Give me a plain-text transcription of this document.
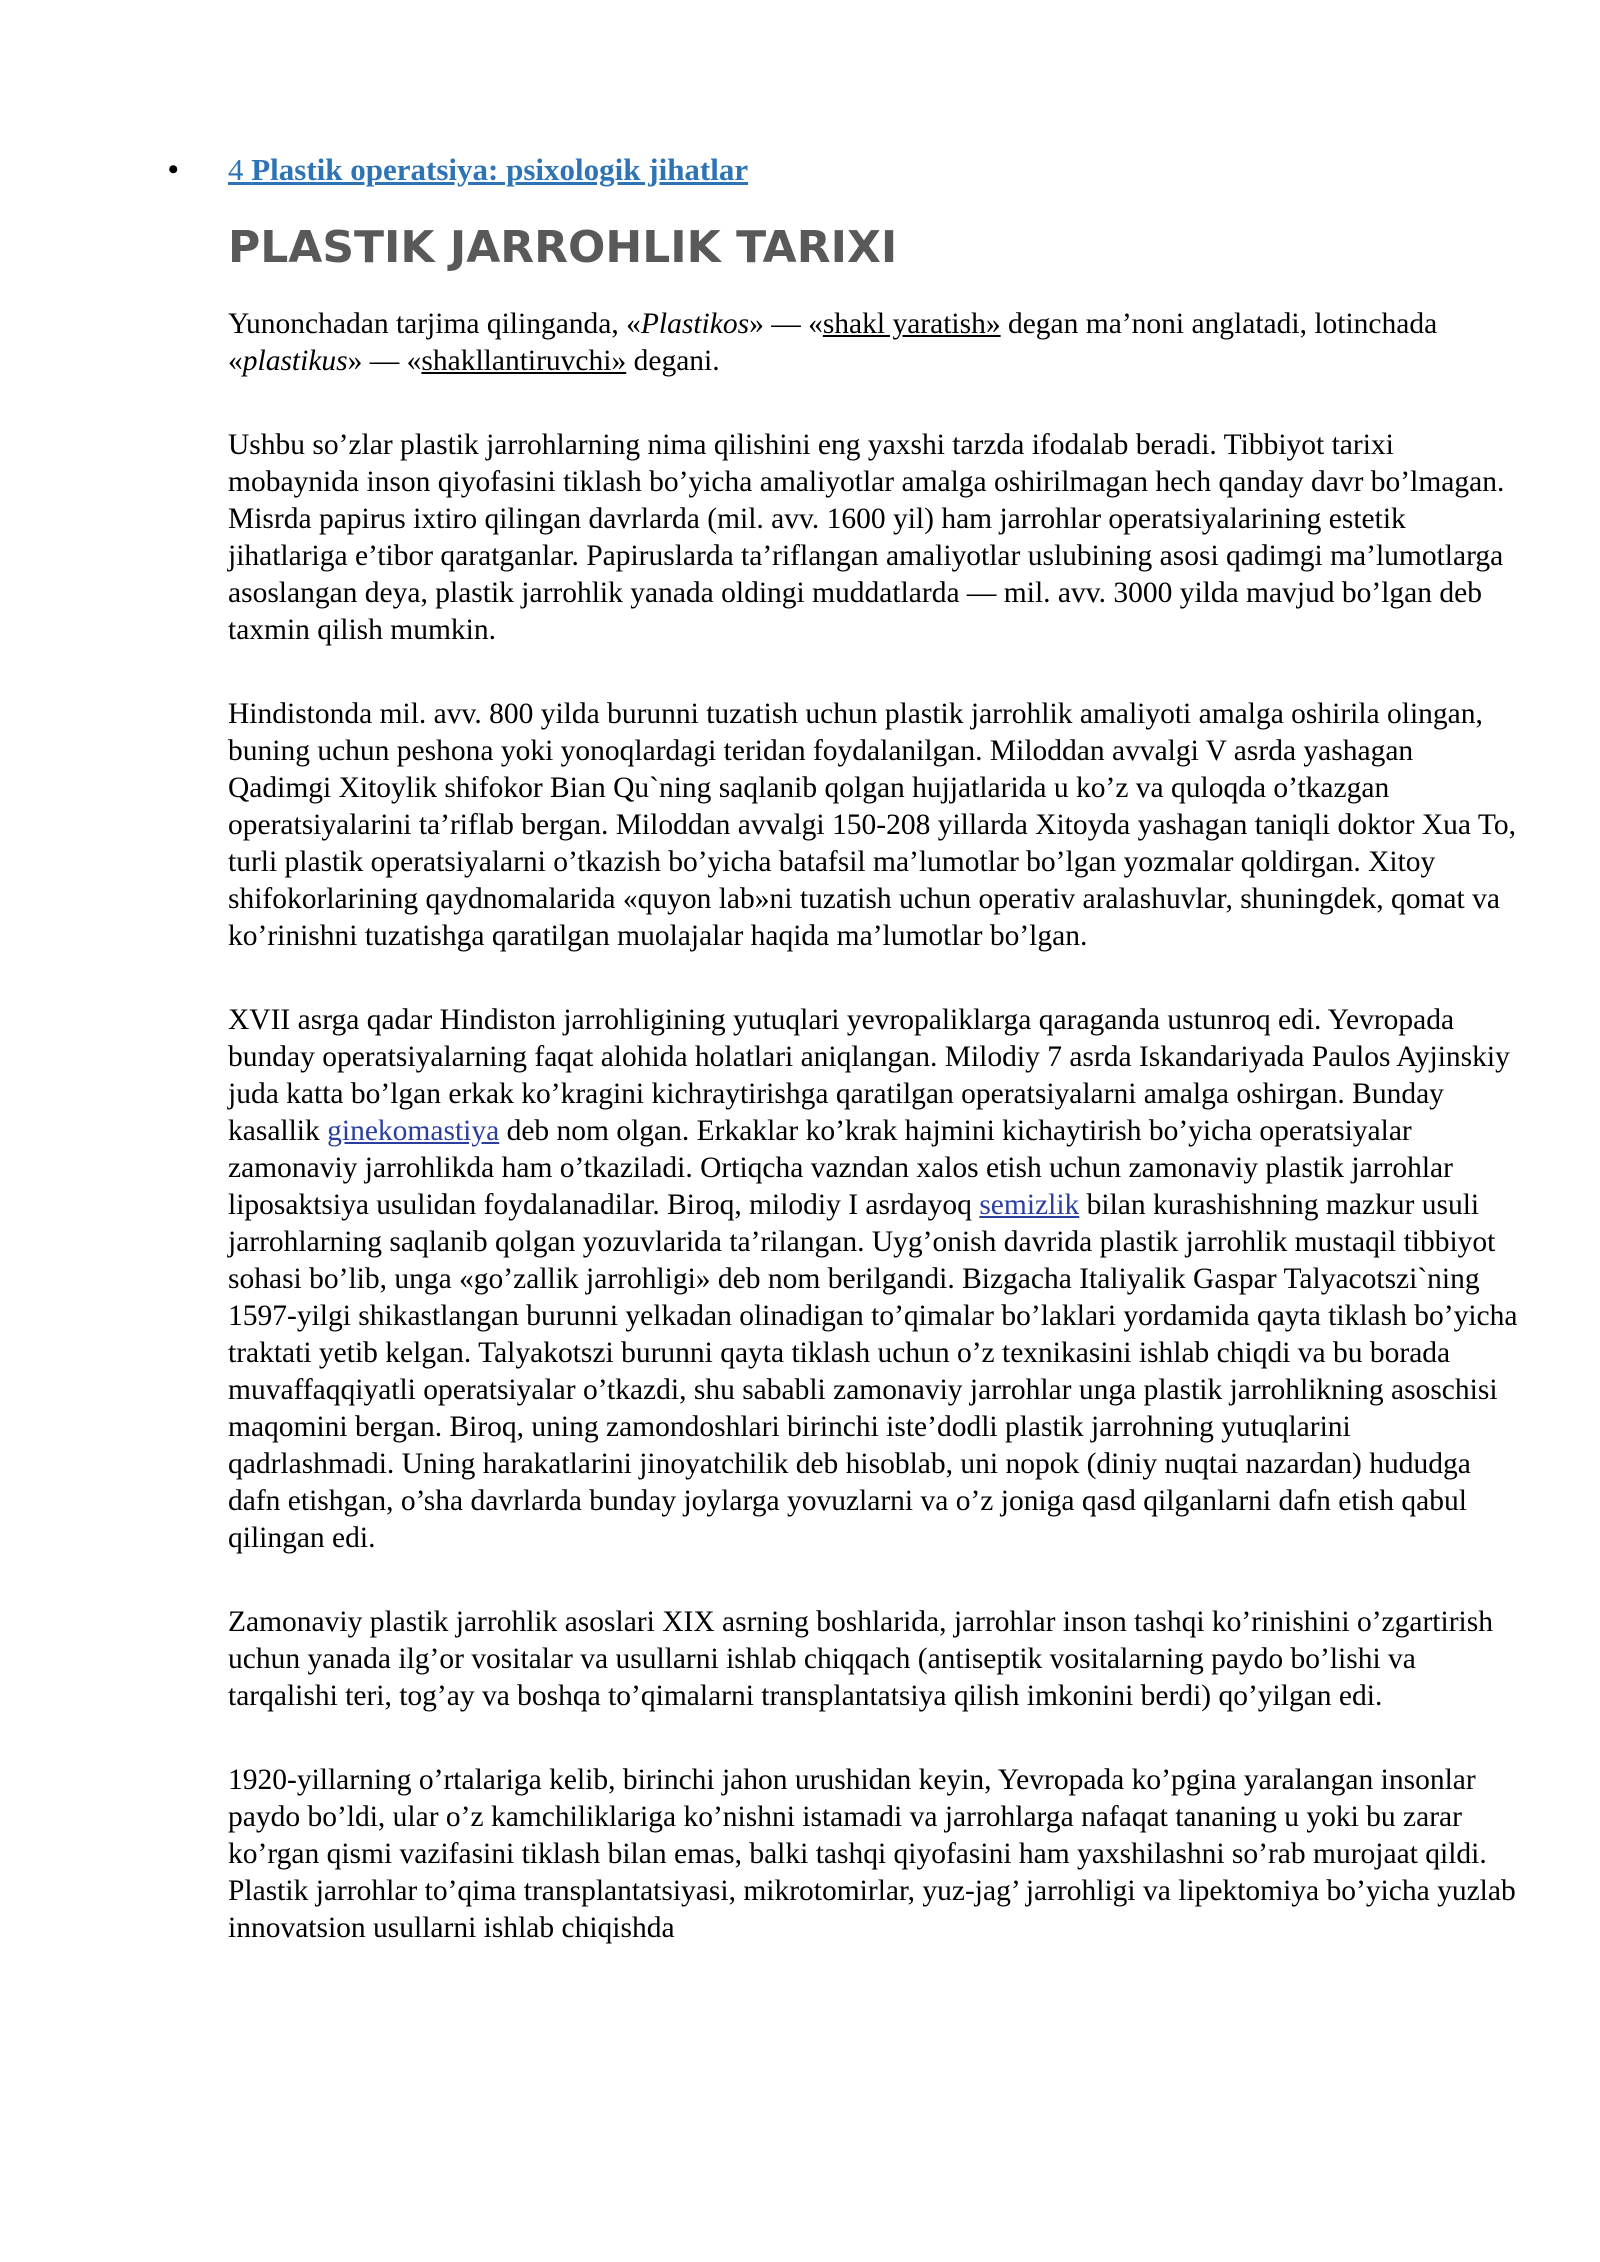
•	4 Plastik operatsiya: psixologik jihatlar
PLASTIK JARROHLIK TARIXI

Yunonchadan tarjima qilinganda, «Plastikos» — «shakl yaratish» degan ma’noni anglatadi, lotinchada «plastikus» — «shakllantiruvchi» degani.

Ushbu so’zlar plastik jarrohlarning nima qilishini eng yaxshi tarzda ifodalab beradi. Tibbiyot tarixi mobaynida inson qiyofasini tiklash bo’yicha amaliyotlar amalga oshirilmagan hech qanday davr bo’lmagan. Misrda papirus ixtiro qilingan davrlarda (mil. avv. 1600 yil) ham jarrohlar operatsiyalarining estetik jihatlariga e’tibor qaratganlar. Papiruslarda ta’riflangan amaliyotlar uslubining asosi qadimgi ma’lumotlarga asoslangan deya, plastik jarrohlik yanada oldingi muddatlarda — mil. avv. 3000 yilda mavjud bo’lgan deb taxmin qilish mumkin.

Hindistonda mil. avv. 800 yilda burunni tuzatish uchun plastik jarrohlik amaliyoti amalga oshirila olingan, buning uchun peshona yoki yonoqlardagi teridan foydalanilgan. Miloddan avvalgi V asrda yashagan Qadimgi Xitoylik shifokor Bian Qu`ning saqlanib qolgan hujjatlarida u ko’z va quloqda o’tkazgan operatsiyalarini ta’riflab bergan. Miloddan avvalgi 150-208 yillarda Xitoyda yashagan taniqli doktor Xua To, turli plastik operatsiyalarni o’tkazish bo’yicha batafsil ma’lumotlar bo’lgan yozmalar qoldirgan. Xitoy shifokorlarining qaydnomalarida «quyon lab»ni tuzatish uchun operativ aralashuvlar, shuningdek, qomat va ko’rinishni tuzatishga qaratilgan muolajalar haqida ma’lumotlar bo’lgan.

XVII asrga qadar Hindiston jarrohligining yutuqlari yevropaliklarga qaraganda ustunroq edi. Yevropada bunday operatsiyalarning faqat alohida holatlari aniqlangan. Milodiy 7 asrda Iskandariyada Paulos Ayjinskiy juda katta bo’lgan erkak ko’kragini kichraytirishga qaratilgan operatsiyalarni amalga oshirgan. Bunday kasallik ginekomastiya deb nom olgan. Erkaklar ko’krak hajmini kichaytirish bo’yicha operatsiyalar zamonaviy jarrohlikda ham o’tkaziladi. Ortiqcha vazndan xalos etish uchun zamonaviy plastik jarrohlar liposaktsiya usulidan foydalanadilar. Biroq, milodiy I asrdayoq semizlik bilan kurashishning mazkur usuli jarrohlarning saqlanib qolgan yozuvlarida ta’rilangan. Uyg’onish davrida plastik jarrohlik mustaqil tibbiyot sohasi bo’lib, unga «go’zallik jarrohligi» deb nom berilgandi. Bizgacha Italiyalik Gaspar Talyacotszi`ning 1597-yilgi shikastlangan burunni yelkadan olinadigan to’qimalar bo’laklari yordamida qayta tiklash bo’yicha traktati yetib kelgan. Talyakotszi burunni qayta tiklash uchun o’z texnikasini ishlab chiqdi va bu borada muvaffaqqiyatli operatsiyalar o’tkazdi, shu sababli zamonaviy jarrohlar unga plastik jarrohlikning asoschisi maqomini bergan. Biroq, uning zamondoshlari birinchi iste’dodli plastik jarrohning yutuqlarini qadrlashmadi. Uning harakatlarini jinoyatchilik deb hisoblab, uni nopok (diniy nuqtai nazardan) hududga dafn etishgan, o’sha davrlarda bunday joylarga yovuzlarni va o’z joniga qasd qilganlarni dafn etish qabul qilingan edi.

Zamonaviy plastik jarrohlik asoslari XIX asrning boshlarida, jarrohlar inson tashqi ko’rinishini o’zgartirish uchun yanada ilg’or vositalar va usullarni ishlab chiqqach (antiseptik vositalarning paydo bo’lishi va tarqalishi teri, tog’ay va boshqa to’qimalarni transplantatsiya qilish imkonini berdi) qo’yilgan edi.

1920-yillarning o’rtalariga kelib, birinchi jahon urushidan keyin, Yevropada ko’pgina yaralangan insonlar paydo bo’ldi, ular o’z kamchiliklariga ko’nishni istamadi va jarrohlarga nafaqat tananing u yoki bu zarar ko’rgan qismi vazifasini tiklash bilan emas, balki tashqi qiyofasini ham yaxshilashni so’rab murojaat qildi. Plastik jarrohlar to’qima transplantatsiyasi, mikrotomirlar, yuz-jag’ jarrohligi va lipektomiya bo’yicha yuzlab innovatsion usullarni ishlab chiqishda
